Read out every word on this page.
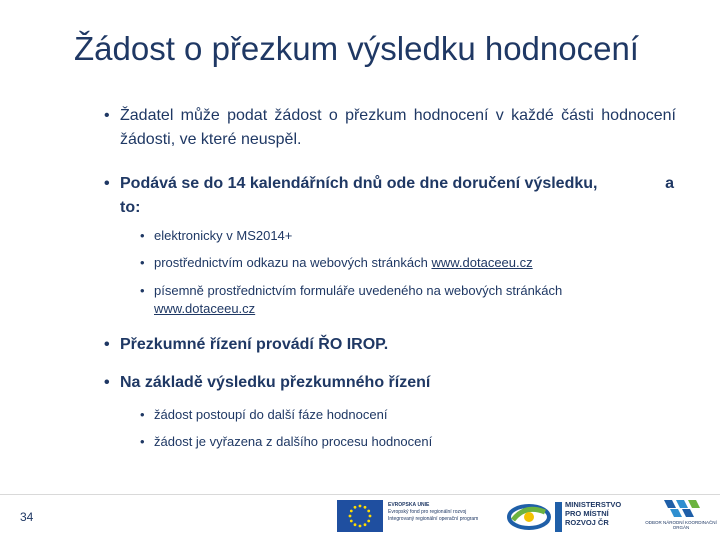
Žádost o přezkum výsledku hodnocení
• Žadatel může podat žádost o přezkum hodnocení v každé části hodnocení žádosti, ve které neuspěl.
• Podává se do 14 kalendářních dnů ode dne doručení výsledku,
to:
a
• elektronicky v MS2014+
• prostřednictvím odkazu na webových stránkách www.dotaceeu.cz
• písemně prostřednictvím formuláře uvedeného na webových stránkách
www.dotaceeu.cz
• Přezkumné řízení provádí ŘO IROP.
• Na základě výsledku přezkumného řízení
• žádost postoupí do další fáze hodnocení
• žádost je vyřazena z dalšího procesu hodnocení
34
EVROPSKÁ UNIE
Evropský fond pro regionální rozvoj
Integrovaný regionální operační program
MINISTERSTVO
PRO MÍSTNÍ
ROZVOJ ČR	ODBOR NÁRODNÍ KOORDINAČNÍ
ORGÁN
